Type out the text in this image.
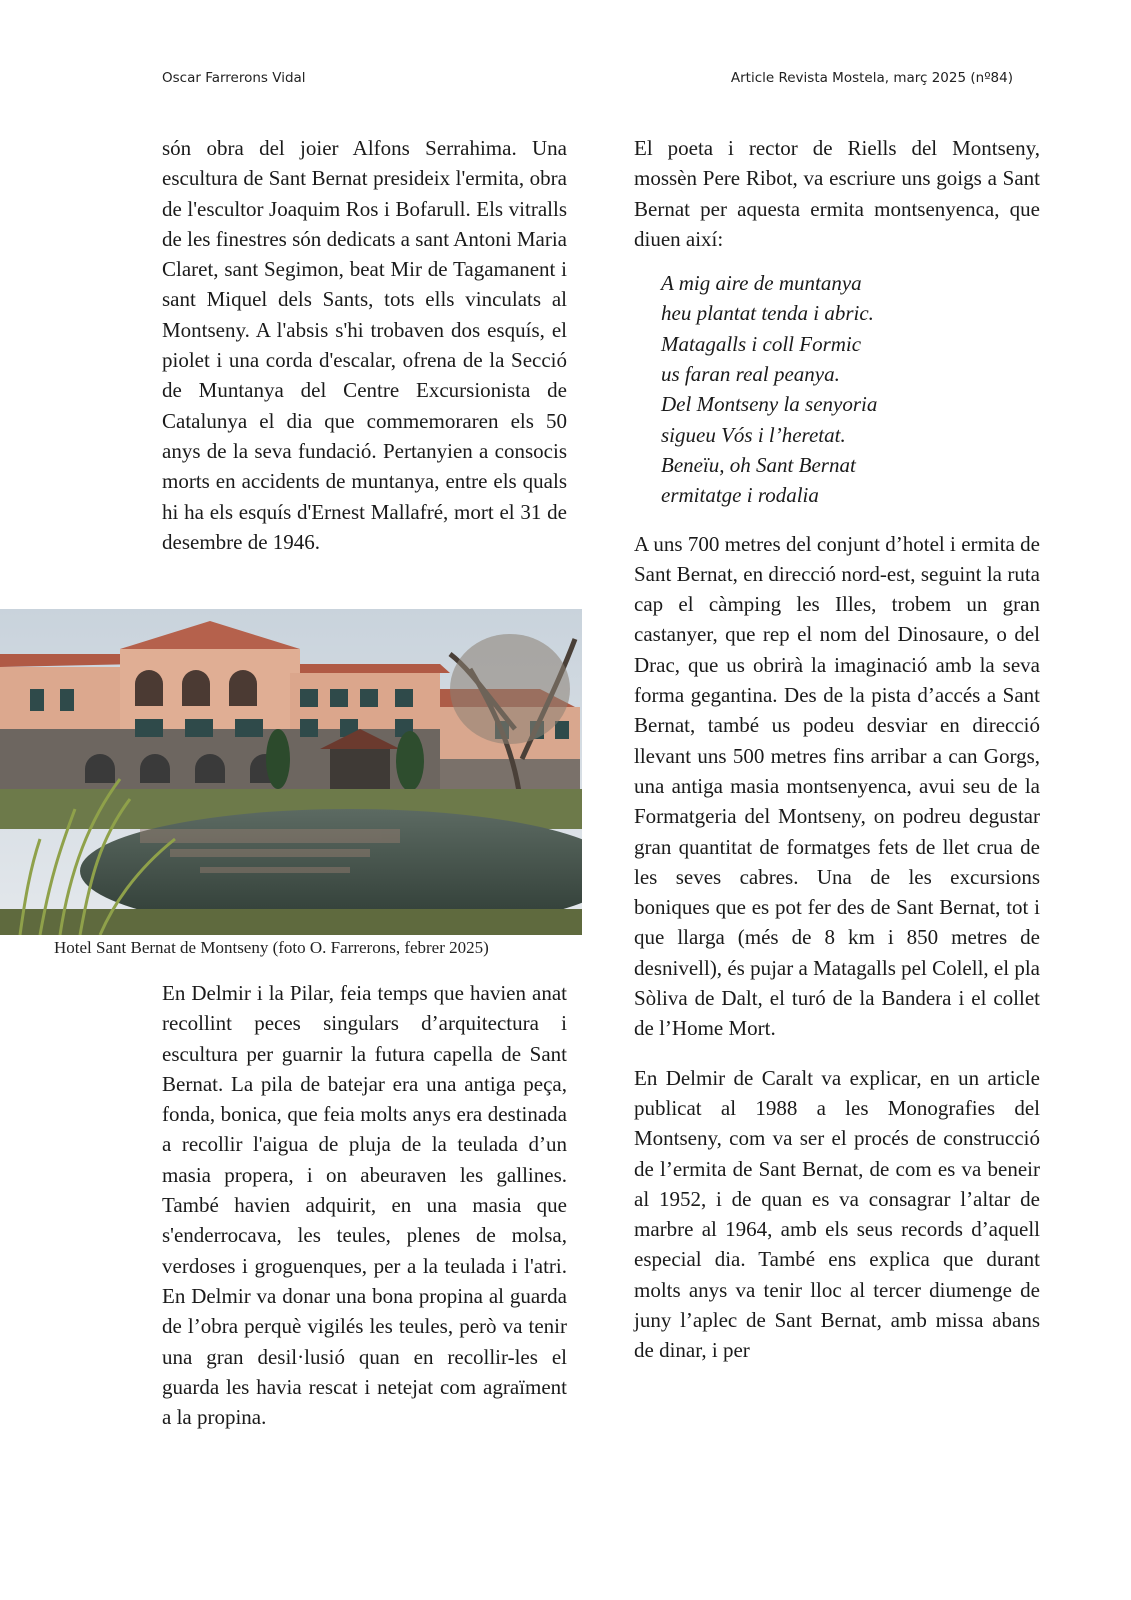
Oscar Farrerons Vidal	Article Revista Mostela, març 2025 (nº84)

són obra del joier Alfons Serrahima. Una escultura de Sant Bernat presideix l'ermita, obra de l'escultor Joaquim Ros i Bofarull. Els vitralls de les finestres són dedicats a sant Antoni Maria Claret, sant Segimon, beat Mir de Tagamanent i sant Miquel dels Sants, tots ells vinculats al Montseny. A l'absis s'hi trobaven dos esquís, el piolet i una corda d'escalar, ofrena de la Secció de Muntanya del Centre Excursionista de Catalunya el dia que commemoraren els 50 anys de la seva fundació. Pertanyien a consocis morts en accidents de muntanya, entre els quals hi ha els esquís d'Ernest Mallafré, mort el 31 de desembre de 1946.

Hotel Sant Bernat de Montseny (foto O. Farrerons, febrer 2025)

En Delmir i la Pilar, feia temps que havien anat recollint peces singulars d’arquitectura i escultura per guarnir la futura capella de Sant Bernat. La pila de batejar era una antiga peça, fonda, bonica, que feia molts anys era destinada a recollir l'aigua de pluja de la teulada d’un masia propera, i on abeuraven les gallines. També havien adquirit, en una masia que s'enderrocava, les teules, plenes de molsa, verdoses i groguenques, per a la teulada i l'atri. En Delmir va donar una bona propina al guarda de l’obra perquè vigilés les teules, però va tenir una gran desil·lusió quan en recollir-les el guarda les havia rescat i netejat com agraïment a la propina.

El poeta i rector de Riells del Montseny, mossèn Pere Ribot, va escriure uns goigs a Sant Bernat per aquesta ermita montsenyenca, que diuen així:

A mig aire de muntanya
heu plantat tenda i abric.
Matagalls i coll Formic
us faran real peanya.
Del Montseny la senyoria
sigueu Vós i l’heretat.
Beneïu, oh Sant Bernat
ermitatge i rodalia

A uns 700 metres del conjunt d’hotel i ermita de Sant Bernat, en direcció nord-est, seguint la ruta cap el càmping les Illes, trobem un gran castanyer, que rep el nom del Dinosaure, o del Drac, que us obrirà la imaginació amb la seva forma gegantina. Des de la pista d’accés a Sant Bernat, també us podeu desviar en direcció llevant uns 500 metres fins arribar a can Gorgs, una antiga masia montsenyenca, avui seu de la Formatgeria del Montseny, on podreu degustar gran quantitat de formatges fets de llet crua de les seves cabres. Una de les excursions boniques que es pot fer des de Sant Bernat, tot i que llarga (més de 8 km i 850 metres de desnivell), és pujar a Matagalls pel Colell, el pla Sòliva de Dalt, el turó de la Bandera i el collet de l’Home Mort.

En Delmir de Caralt va explicar, en un article publicat al 1988 a les Monografies del Montseny, com va ser el procés de construcció de l’ermita de Sant Bernat, de com es va beneir al 1952, i de quan es va consagrar l’altar de marbre al 1964, amb els seus records d’aquell especial dia. També ens explica que durant molts anys va tenir lloc al tercer diumenge de juny l’aplec de Sant Bernat, amb missa abans de dinar, i per
